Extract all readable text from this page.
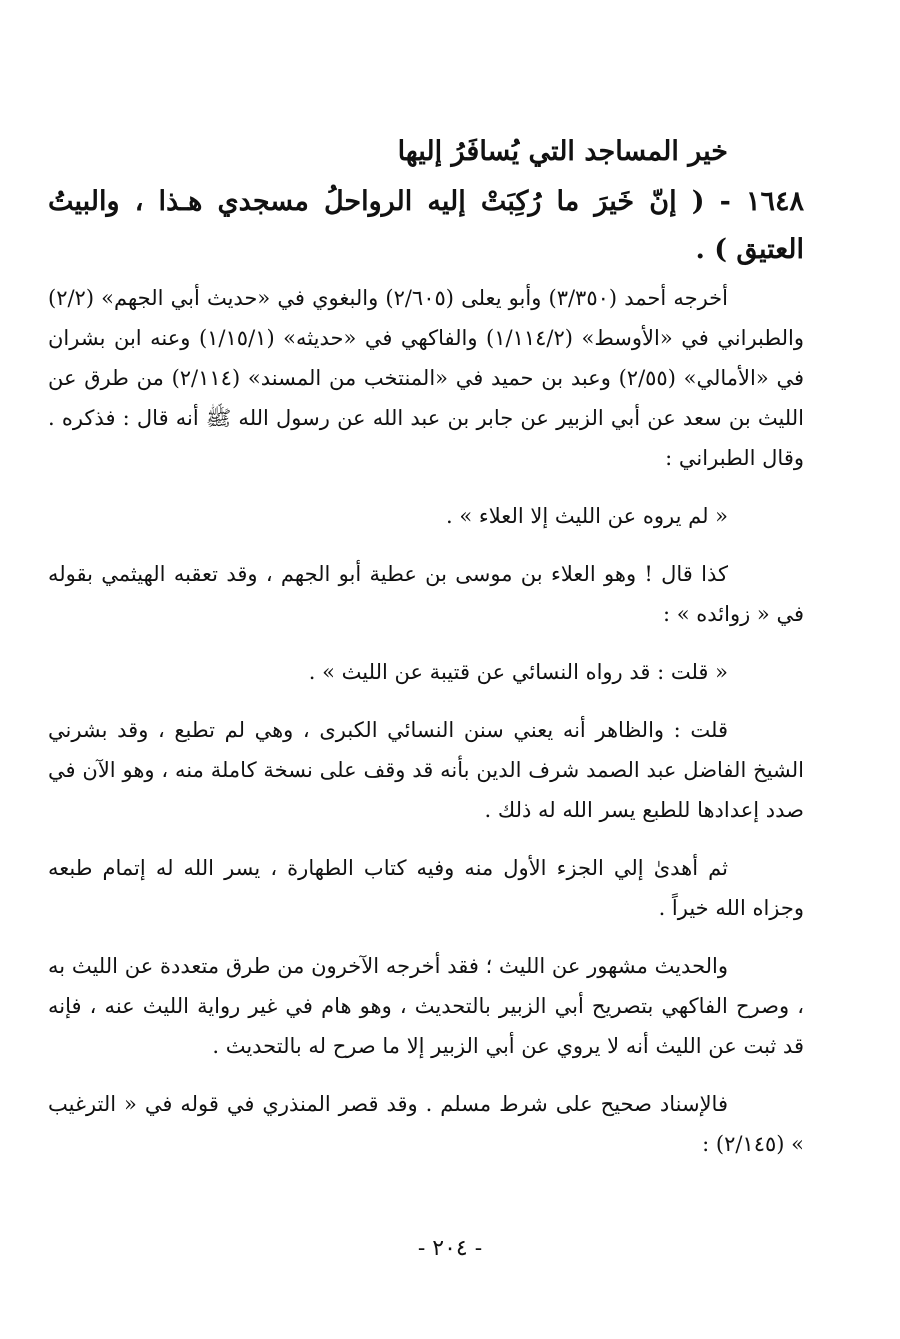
خير المساجد التي يُسافَرُ إليها
١٦٤٨ - ( إنّ خَيرَ ما رُكِبَتْ إليه الرواحلُ مسجدي هـذا ، والبيتُ العتيق ) .

أخرجه أحمد (٣/٣٥٠) وأبو يعلى (٢/٦٠٥) والبغوي في «حديث أبي الجهم» (٢/٢) والطبراني في «الأوسط» (١/١١٤/٢) والفاكهي في «حديثه» (١/١٥/١) وعنه ابن بشران في «الأمالي» (٢/٥٥) وعبد بن حميد في «المنتخب من المسند» (٢/١١٤) من طرق عن الليث بن سعد عن أبي الزبير عن جابر بن عبد الله عن رسول الله ﷺ أنه قال : فذكره . وقال الطبراني :

« لم يروه عن الليث إلا العلاء » .

كذا قال ! وهو العلاء بن موسى بن عطية أبو الجهم ، وقد تعقبه الهيثمي بقوله في « زوائده » :

« قلت : قد رواه النسائي عن قتيبة عن الليث » .

قلت : والظاهر أنه يعني سنن النسائي الكبرى ، وهي لم تطبع ، وقد بشرني الشيخ الفاضل عبد الصمد شرف الدين بأنه قد وقف على نسخة كاملة منه ، وهو الآن في صدد إعدادها للطبع يسر الله له ذلك .

ثم أهدىٰ إلي الجزء الأول منه وفيه كتاب الطهارة ، يسر الله له إتمام طبعه وجزاه الله خيراً .

والحديث مشهور عن الليث ؛ فقد أخرجه الآخرون من طرق متعددة عن الليث به ، وصرح الفاكهي بتصريح أبي الزبير بالتحديث ، وهو هام في غير رواية الليث عنه ، فإنه قد ثبت عن الليث أنه لا يروي عن أبي الزبير إلا ما صرح له بالتحديث .

فالإسناد صحيح على شرط مسلم . وقد قصر المنذري في قوله في « الترغيب » (٢/١٤٥) :

- ٢٠٤ -
